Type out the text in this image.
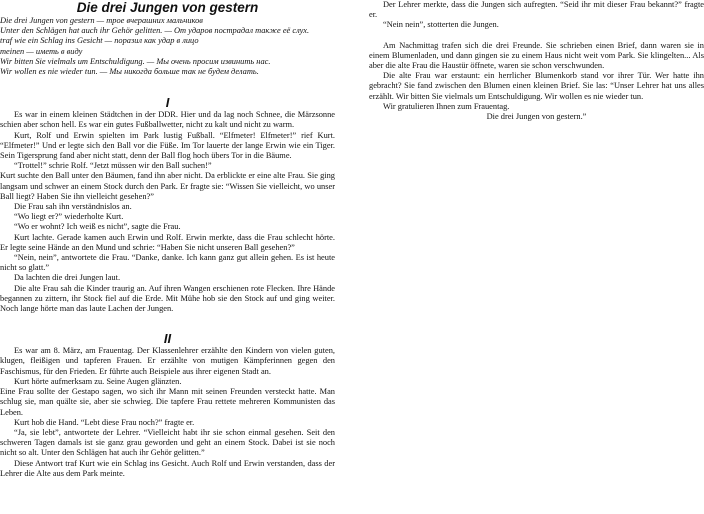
Die drei Jungen von gestern
Die drei Jungen von gestern — трое вчерашних мальчиков
Unter den Schlägen hat auch ihr Gehör gelitten. — От ударов пострадал также её слух.
traf wie ein Schlag ins Gesicht — поразил как удар в лицо
meinen — иметь в виду
Wir bitten Sie vielmals um Entschuldigung. — Мы очень просим извинить нас.
Wir wollen es nie wieder tun. — Мы никогда больше так не будем делать.
I

Es war in einem kleinen Städtchen in der DDR. Hier und da lag noch Schnee, die Märzsonne schien aber schon hell. Es war ein gutes Fußballwetter, nicht zu kalt und nicht zu warm.

Kurt, Rolf und Erwin spielten im Park lustig Fußball. “Elfmeter! Elfmeter!” rief Kurt. “Elfmeter!” Und er legte sich den Ball vor die Füße. Im Tor lauerte der lange Erwin wie ein Tiger. Sein Tigersprung fand aber nicht statt, denn der Ball flog hoch übers Tor in die Bäume.

“Trottel!” schrie Rolf. “Jetzt müssen wir den Ball suchen!”

Kurt suchte den Ball unter den Bäumen, fand ihn aber nicht. Da erblickte er eine alte Frau. Sie ging langsam und schwer an einem Stock durch den Park. Er fragte sie: “Wissen Sie vielleicht, wo unser Ball liegt? Haben Sie ihn vielleicht gesehen?”

Die Frau sah ihn verständnislos an.

“Wo liegt er?” wiederholte Kurt.

“Wo er wohnt? Ich weiß es nicht”, sagte die Frau.

Kurt lachte. Gerade kamen auch Erwin und Rolf. Erwin merkte, dass die Frau schlecht hörte. Er legte seine Hände an den Mund und schrie: “Haben Sie nicht unseren Ball gesehen?”

“Nein, nein”, antwortete die Frau. “Danke, danke. Ich kann ganz gut allein gehen. Es ist heute nicht so glatt.”

Da lachten die drei Jungen laut.

Die alte Frau sah die Kinder traurig an. Auf ihren Wangen erschienen rote Flecken. Ihre Hände begannen zu zittern, ihr Stock fiel auf die Erde. Mit Mühe hob sie den Stock auf und ging weiter. Noch lange hörte man das laute Lachen der Jungen.

II

Es war am 8. März, am Frauentag. Der Klassenlehrer erzählte den Kindern von vielen guten, klugen, fleißigen und tapferen Frauen. Er erzählte von mutigen Kämpferinnen gegen den Faschismus, für den Frieden. Er führte auch Beispiele aus ihrer eigenen Stadt an.

Kurt hörte aufmerksam zu. Seine Augen glänzten.

Eine Frau sollte der Gestapo sagen, wo sich ihr Mann mit seinen Freunden versteckt hatte. Man schlug sie, man quälte sie, aber sie schwieg. Die tapfere Frau rettete mehreren Kommunisten das Leben.

Kurt hob die Hand. “Lebt diese Frau noch?” fragte er.

“Ja, sie lebt”, antwortete der Lehrer. “Vielleicht habt ihr sie schon einmal gesehen. Seit den schweren Tagen damals ist sie ganz grau geworden und geht an einem Stock. Dabei ist sie noch nicht so alt. Unter den Schlägen hat auch ihr Gehör gelitten.”

Diese Antwort traf Kurt wie ein Schlag ins Gesicht. Auch Rolf und Erwin verstanden, dass der Lehrer die Alte aus dem Park meinte.

Der Lehrer merkte, dass die Jungen sich aufregten. “Seid ihr mit dieser Frau bekannt?” fragte er.

“Nein nein”, stotterten die Jungen.

Am Nachmittag trafen sich die drei Freunde. Sie schrieben einen Brief, dann waren sie in einem Blumenladen, und dann gingen sie zu einem Haus nicht weit vom Park. Sie klingelten... Als aber die alte Frau die Haustür öffnete, waren sie schon verschwunden.

Die alte Frau war erstaunt: ein herrlicher Blumenkorb stand vor ihrer Tür. Wer hatte ihn gebracht? Sie fand zwischen den Blumen einen kleinen Brief. Sie las: “Unser Lehrer hat uns alles erzählt. Wir bitten Sie vielmals um Entschuldigung. Wir wollen es nie wieder tun.

Wir gratulieren Ihnen zum Frauentag.

Die drei Jungen von gestern.”
